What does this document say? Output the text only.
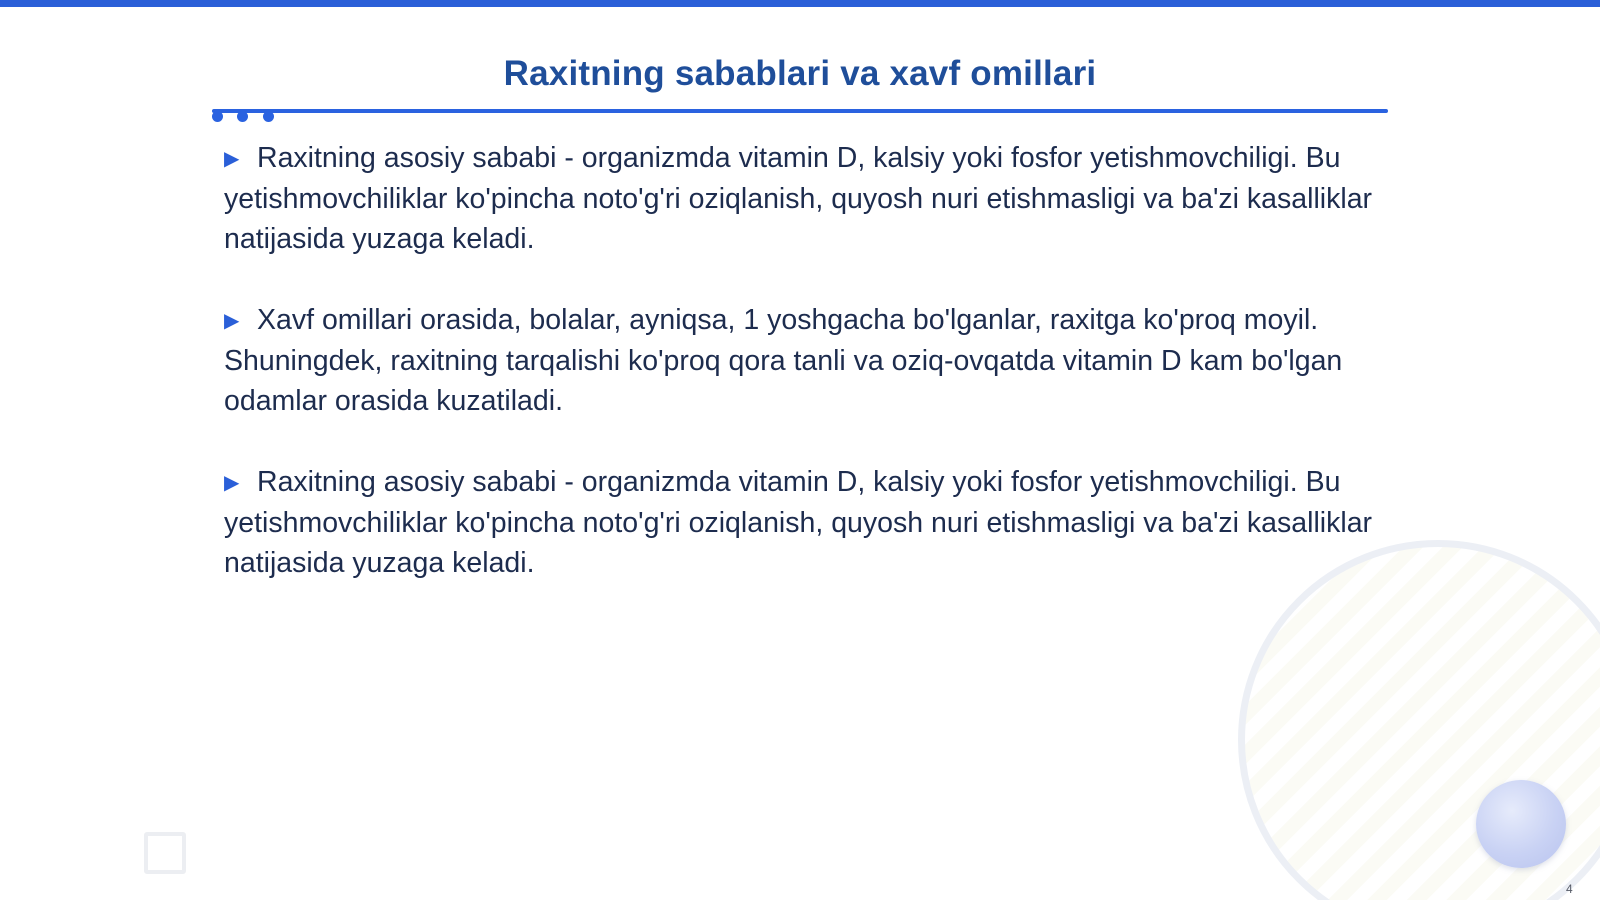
Raxitning sabablari va xavf omillari

▶ Raxitning asosiy sababi - organizmda vitamin D, kalsiy yoki fosfor yetishmovchiligi. Bu yetishmovchiliklar ko'pincha noto'g'ri oziqlanish, quyosh nuri etishmasligi va ba'zi kasalliklar natijasida yuzaga keladi.

▶ Xavf omillari orasida, bolalar, ayniqsa, 1 yoshgacha bo'lganlar, raxitga ko'proq moyil. Shuningdek, raxitning tarqalishi ko'proq qora tanli va oziq-ovqatda vitamin D kam bo'lgan odamlar orasida kuzatiladi.

▶ Raxitning asosiy sababi - organizmda vitamin D, kalsiy yoki fosfor yetishmovchiligi. Bu yetishmovchiliklar ko'pincha noto'g'ri oziqlanish, quyosh nuri etishmasligi va ba'zi kasalliklar natijasida yuzaga keladi.

4
